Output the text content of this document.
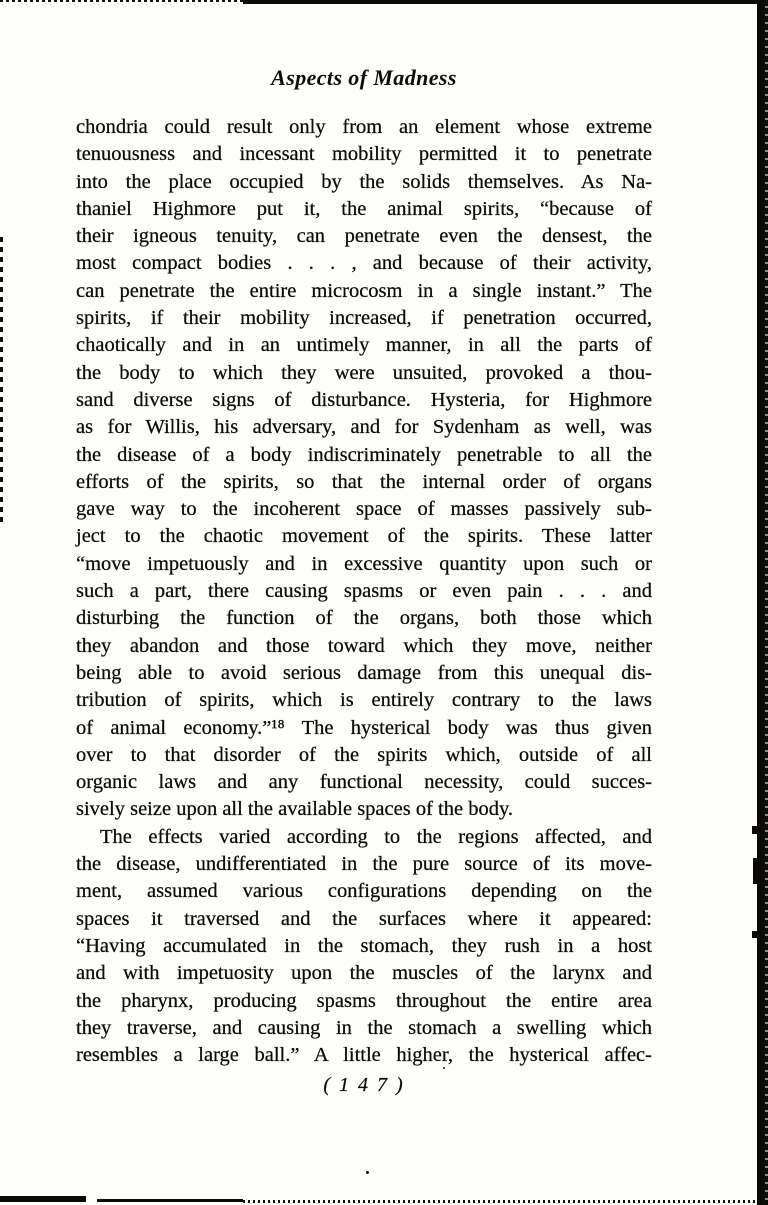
Aspects of Madness
chondria could result only from an element whose extreme
tenuousness and incessant mobility permitted it to penetrate
into the place occupied by the solids themselves. As Na-
thaniel Highmore put it, the animal spirits, “because of
their igneous tenuity, can penetrate even the densest, the
most compact bodies . . . , and because of their activity,
can penetrate the entire microcosm in a single instant.” The
spirits, if their mobility increased, if penetration occurred,
chaotically and in an untimely manner, in all the parts of
the body to which they were unsuited, provoked a thou-
sand diverse signs of disturbance. Hysteria, for Highmore
as for Willis, his adversary, and for Sydenham as well, was
the disease of a body indiscriminately penetrable to all the
efforts of the spirits, so that the internal order of organs
gave way to the incoherent space of masses passively sub-
ject to the chaotic movement of the spirits. These latter
“move impetuously and in excessive quantity upon such or
such a part, there causing spasms or even pain . . . and
disturbing the function of the organs, both those which
they abandon and those toward which they move, neither
being able to avoid serious damage from this unequal dis-
tribution of spirits, which is entirely contrary to the laws
of animal economy.”¹⁸ The hysterical body was thus given
over to that disorder of the spirits which, outside of all
organic laws and any functional necessity, could succes-
sively seize upon all the available spaces of the body.
The effects varied according to the regions affected, and
the disease, undifferentiated in the pure source of its move-
ment, assumed various configurations depending on the
spaces it traversed and the surfaces where it appeared:
“Having accumulated in the stomach, they rush in a host
and with impetuosity upon the muscles of the larynx and
the pharynx, producing spasms throughout the entire area
they traverse, and causing in the stomach a swelling which
resembles a large ball.” A little higher, the hysterical affec-
( 1 4 7 )
